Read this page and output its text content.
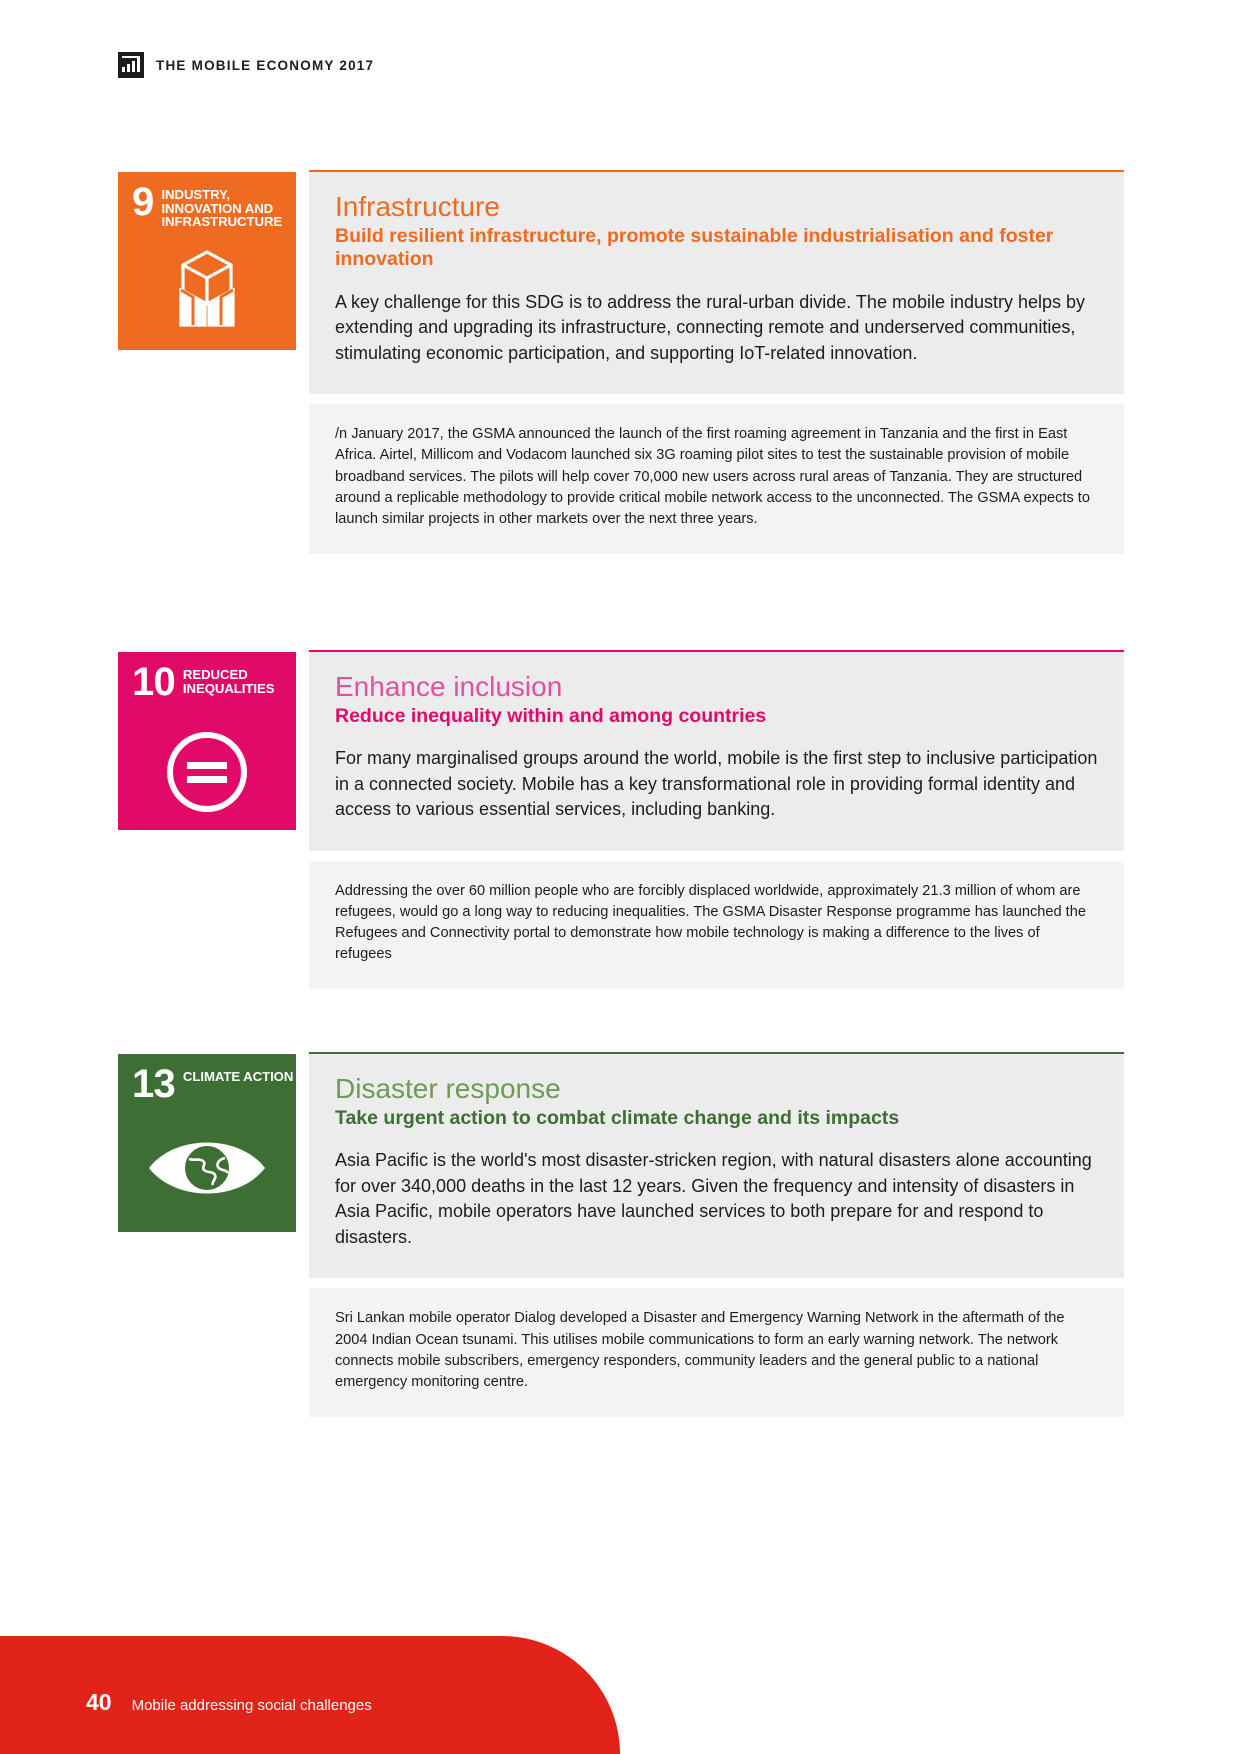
THE MOBILE ECONOMY 2017
9 INDUSTRY, INNOVATION AND INFRASTRUCTURE	Infrastructure
Build resilient infrastructure, promote sustainable industrialisation and foster innovation

A key challenge for this SDG is to address the rural-urban divide. The mobile industry helps by extending and upgrading its infrastructure, connecting remote and underserved communities, stimulating economic participation, and supporting IoT-related innovation.

/n January 2017, the GSMA announced the launch of the first roaming agreement in Tanzania and the first in East Africa. Airtel, Millicom and Vodacom launched six 3G roaming pilot sites to test the sustainable provision of mobile broadband services. The pilots will help cover 70,000 new users across rural areas of Tanzania. They are structured around a replicable methodology to provide critical mobile network access to the unconnected. The GSMA expects to launch similar projects in other markets over the next three years.

10 REDUCED INEQUALITIES	Enhance inclusion
Reduce inequality within and among countries

For many marginalised groups around the world, mobile is the first step to inclusive participation in a connected society. Mobile has a key transformational role in providing formal identity and access to various essential services, including banking.

Addressing the over 60 million people who are forcibly displaced worldwide, approximately 21.3 million of whom are refugees, would go a long way to reducing inequalities. The GSMA Disaster Response programme has launched the Refugees and Connectivity portal to demonstrate how mobile technology is making a difference to the lives of refugees

13 CLIMATE ACTION Disaster response
Take urgent action to combat climate change and its impacts

Asia Pacific is the world's most disaster-stricken region, with natural disasters alone accounting for over 340,000 deaths in the last 12 years. Given the frequency and intensity of disasters in Asia Pacific, mobile operators have launched services to both prepare for and respond to disasters.

Sri Lankan mobile operator Dialog developed a Disaster and Emergency Warning Network in the aftermath of the 2004 Indian Ocean tsunami. This utilises mobile communications to form an early warning network. The network connects mobile subscribers, emergency responders, community leaders and the general public to a national emergency monitoring centre.

40 Mobile addressing social challenges
